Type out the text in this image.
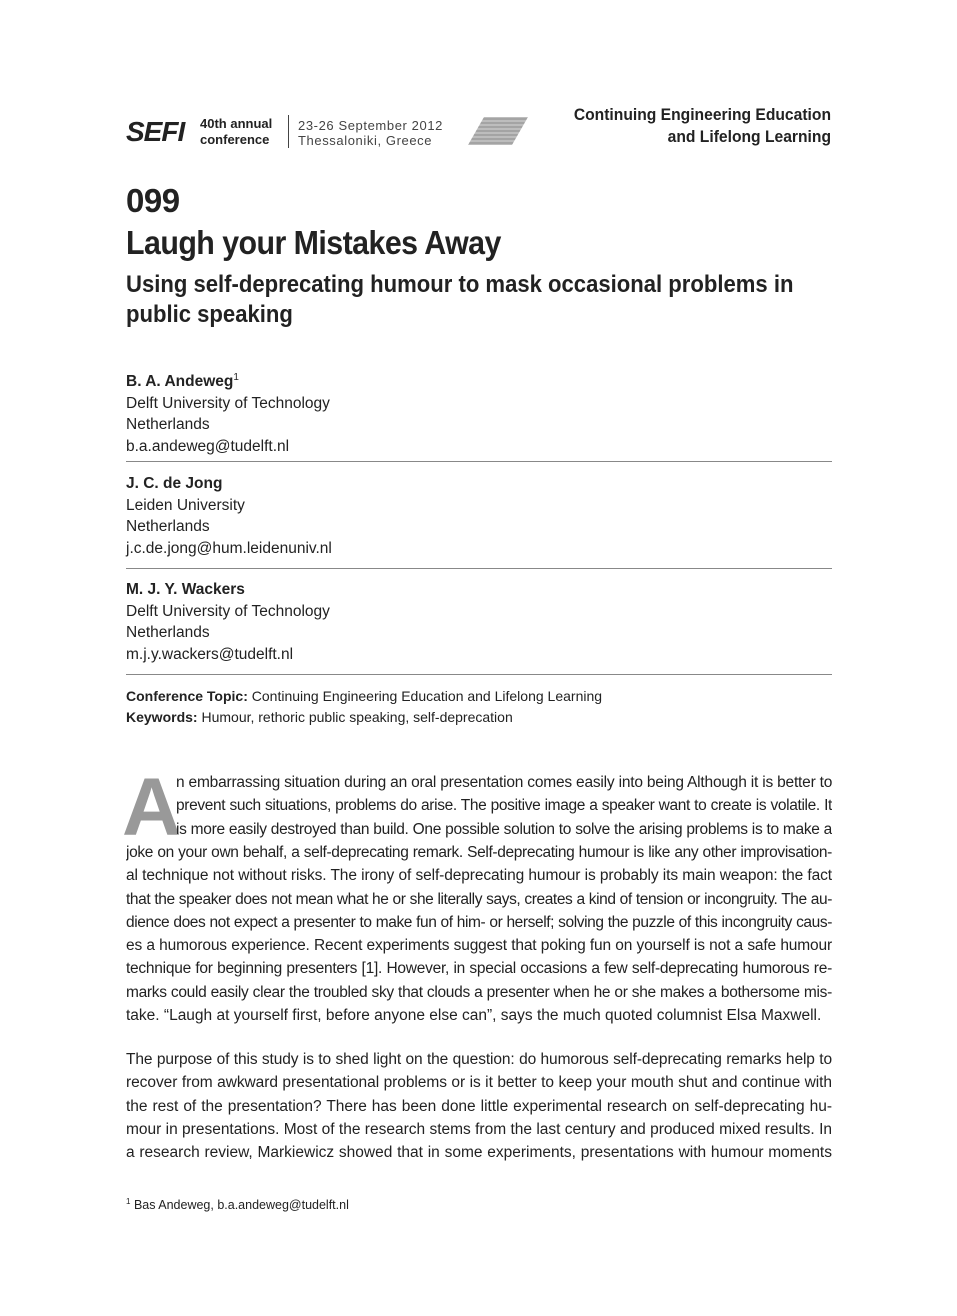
SEFI 40th annual
conference
23-26 September 2012
Thessaloniki, Greece
Continuing Engineering Education
and Lifelong Learning
099
Laugh your Mistakes Away
Using self-deprecating humour to mask occasional problems in public speaking
B. A. Andeweg$^1$
Delft University of Technology
Netherlands
b.a.andeweg@tudelft.nl
J. C. de Jong
Leiden University
Netherlands
j.c.de.jong@hum.leidenuniv.nl
M. J. Y. Wackers
Delft University of Technology
Netherlands
m.j.y.wackers@tudelft.nl
Conference Topic: Continuing Engineering Education and Lifelong Learning
Keywords: Humour, rethoric public speaking, self-deprecation
A
n embarrassing situation during an oral presentation comes easily into being Although it is better to
prevent such situations, problems do arise. The positive image a speaker want to create is volatile. It
is more easily destroyed than build. One possible solution to solve the arising problems is to make a
joke on your own behalf, a self-deprecating remark. Self-deprecating humour is like any other improvisation-
al technique not without risks. The irony of self-deprecating humour is probably its main weapon: the fact
that the speaker does not mean what he or she literally says, creates a kind of tension or incongruity. The au-
dience does not expect a presenter to make fun of him- or herself; solving the puzzle of this incongruity caus-
es a humorous experience. Recent experiments suggest that poking fun on yourself is not a safe humour
technique for beginning presenters [1]. However, in special occasions a few self-deprecating humorous re-
marks could easily clear the troubled sky that clouds a presenter when he or she makes a bothersome mis-
take. “Laugh at yourself first, before anyone else can”, says the much quoted columnist Elsa Maxwell.
The purpose of this study is to shed light on the question: do humorous self-deprecating remarks help to
recover from awkward presentational problems or is it better to keep your mouth shut and continue with
the rest of the presentation? There has been done little experimental research on self-deprecating hu-
mour in presentations. Most of the research stems from the last century and produced mixed results. In
a research review, Markiewicz showed that in some experiments, presentations with humour moments
$^1$ Bas Andeweg, b.a.andeweg@tudelft.nl
